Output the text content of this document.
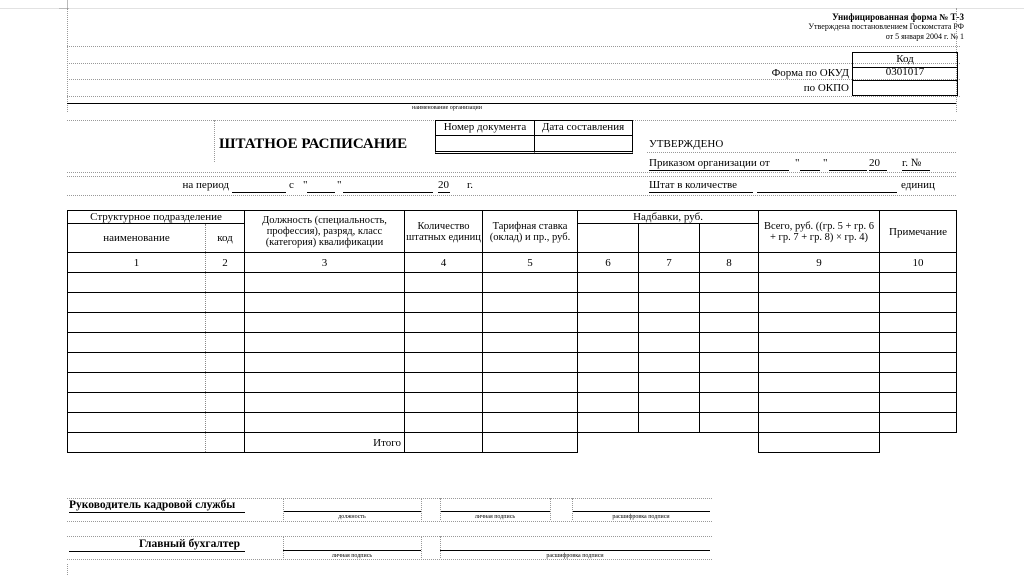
Унифицированная форма № Т-3
Утверждена постановлением Госкомстата РФ
от 5 января 2004 г. № 1
Код
Форма по ОКУД	0301017
по ОКПО
наименование организации
ШТАТНОЕ РАСПИСАНИЕ
Номер документа	Дата составления
УТВЕРЖДЕНО
Приказом организации от " "	20 г. №
на период	с "	"	20 г.	Штат в количестве	единиц
Структурное подразделение		Должность (специальность, профессия), разряд, класс (категория) квалификации	Количество штатных единиц	Тарифная ставка (оклад) и пр., руб.	Надбавки, руб.			Всего, руб. ((гр. 5 + гр. 6 + гр. 7 + гр. 8) × гр. 4)	Примечание
наименование	код								
1	2	3	4	5	6	7	8	9	10

		Итого							
Руководитель кадровой службы
должность	личная подпись	расшифровка подписи
Главный бухгалтер
личная подпись	расшифровка подписи
